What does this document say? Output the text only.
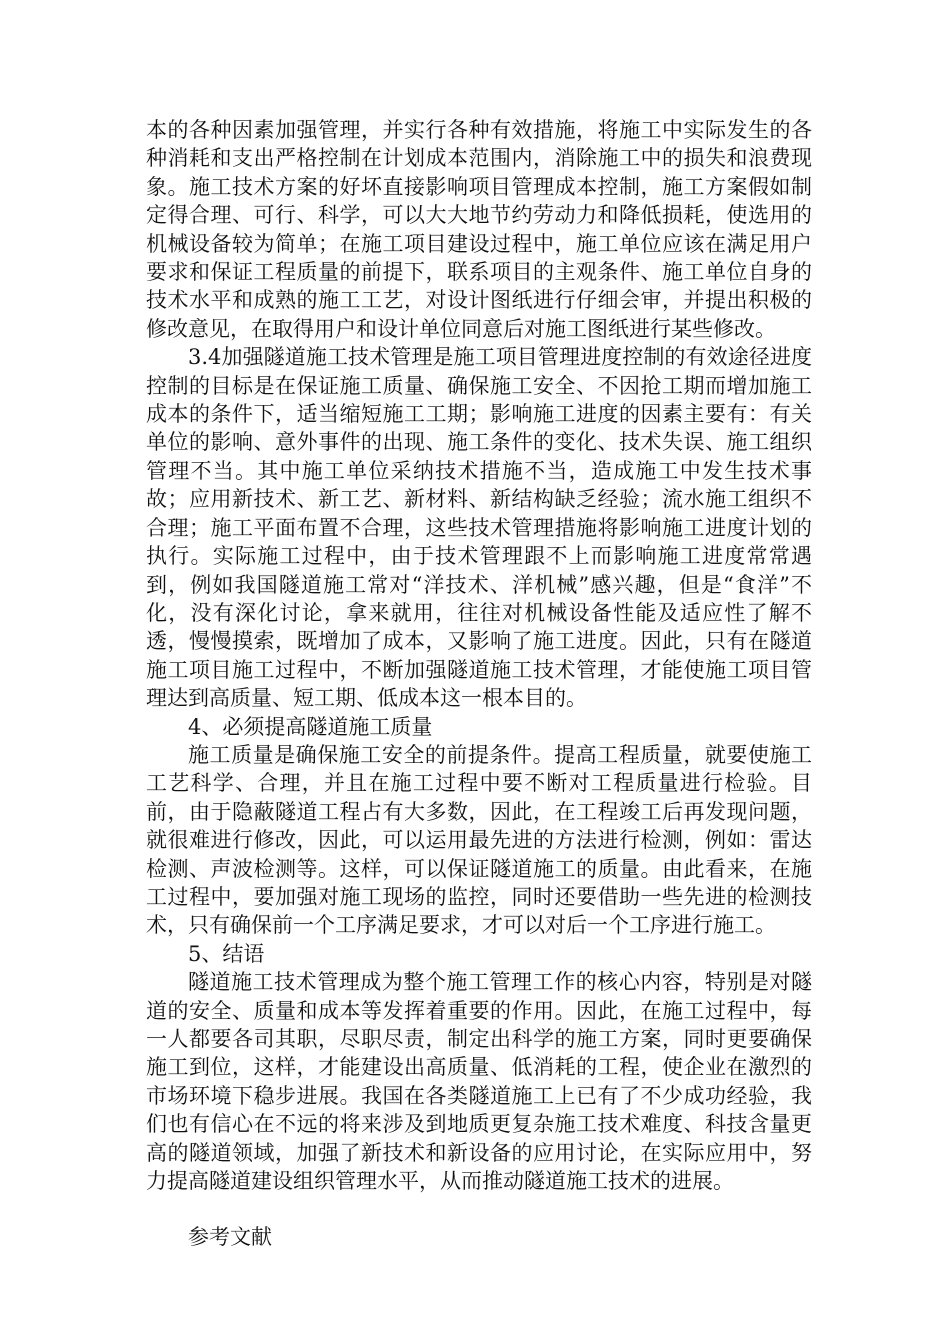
本的各种因素加强管理，并实行各种有效措施，将施工中实际发生的各种消耗和支出严格控制在计划成本范围内，消除施工中的损失和浪费现象。施工技术方案的好坏直接影响项目管理成本控制，施工方案假如制定得合理、可行、科学，可以大大地节约劳动力和降低损耗，使选用的机械设备较为简单；在施工项目建设过程中，施工单位应该在满足用户要求和保证工程质量的前提下，联系项目的主观条件、施工单位自身的技术水平和成熟的施工工艺，对设计图纸进行仔细会审，并提出积极的修改意见，在取得用户和设计单位同意后对施工图纸进行某些修改。

3.4加强隧道施工技术管理是施工项目管理进度控制的有效途径进度控制的目标是在保证施工质量、确保施工安全、不因抢工期而增加施工成本的条件下，适当缩短施工工期；影响施工进度的因素主要有：有关单位的影响、意外事件的出现、施工条件的变化、技术失误、施工组织管理不当。其中施工单位采纳技术措施不当，造成施工中发生技术事故；应用新技术、新工艺、新材料、新结构缺乏经验；流水施工组织不合理；施工平面布置不合理，这些技术管理措施将影响施工进度计划的执行。实际施工过程中，由于技术管理跟不上而影响施工进度常常遇到，例如我国隧道施工常对“洋技术、洋机械”感兴趣，但是“食洋”不化，没有深化讨论，拿来就用，往往对机械设备性能及适应性了解不透，慢慢摸索，既增加了成本，又影响了施工进度。因此，只有在隧道施工项目施工过程中，不断加强隧道施工技术管理，才能使施工项目管理达到高质量、短工期、低成本这一根本目的。

4、必须提高隧道施工质量

施工质量是确保施工安全的前提条件。提高工程质量，就要使施工工艺科学、合理，并且在施工过程中要不断对工程质量进行检验。目前，由于隐蔽隧道工程占有大多数，因此，在工程竣工后再发现问题，就很难进行修改，因此，可以运用最先进的方法进行检测，例如：雷达检测、声波检测等。这样，可以保证隧道施工的质量。由此看来，在施工过程中，要加强对施工现场的监控，同时还要借助一些先进的检测技术，只有确保前一个工序满足要求，才可以对后一个工序进行施工。

5、结语

隧道施工技术管理成为整个施工管理工作的核心内容，特别是对隧道的安全、质量和成本等发挥着重要的作用。因此，在施工过程中，每一人都要各司其职，尽职尽责，制定出科学的施工方案，同时更要确保施工到位，这样，才能建设出高质量、低消耗的工程，使企业在激烈的市场环境下稳步进展。我国在各类隧道施工上已有了不少成功经验，我们也有信心在不远的将来涉及到地质更复杂施工技术难度、科技含量更高的隧道领域，加强了新技术和新设备的应用讨论，在实际应用中，努力提高隧道建设组织管理水平，从而推动隧道施工技术的进展。

参考文献
